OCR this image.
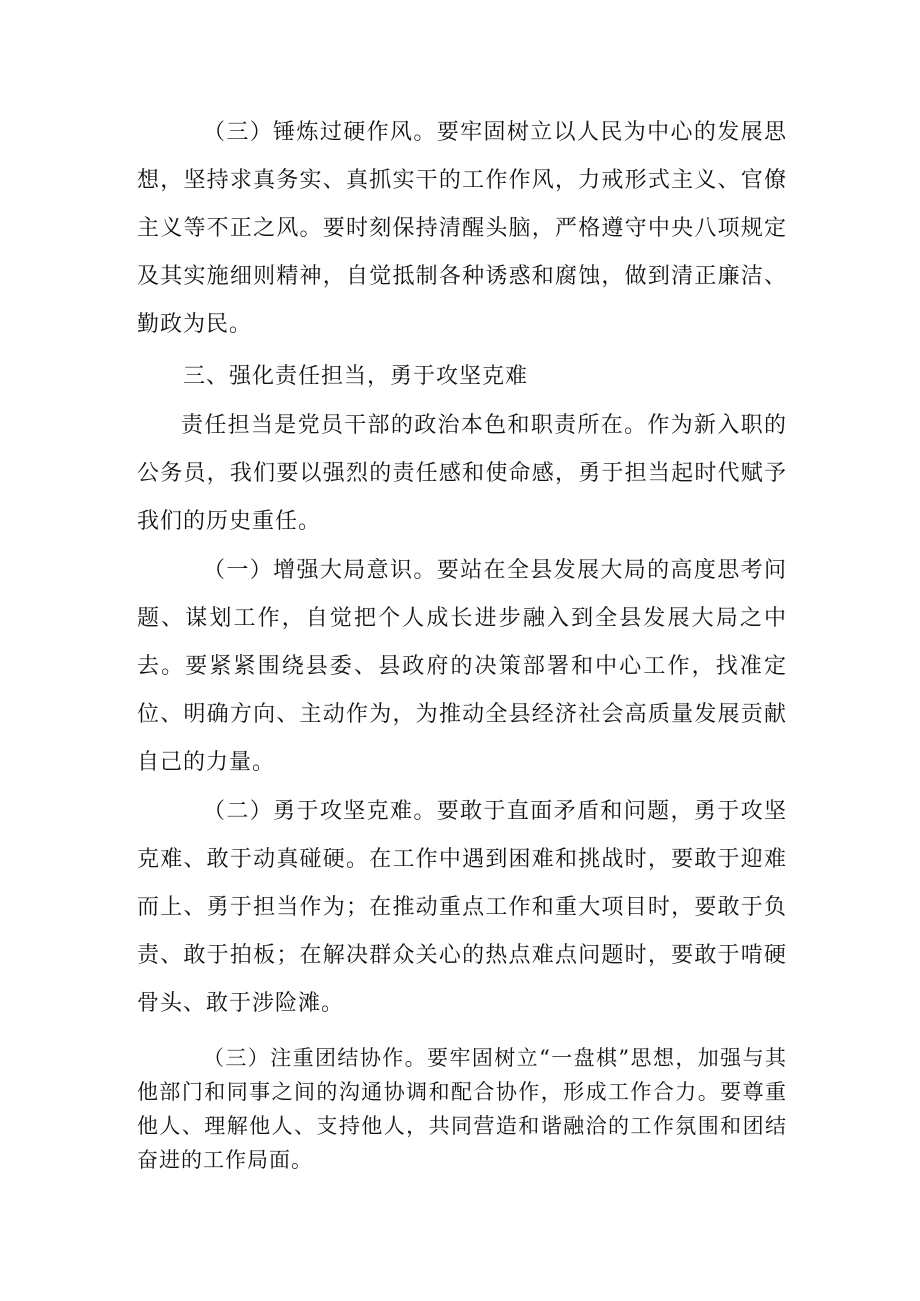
（三）锤炼过硬作风。要牢固树立以人民为中心的发展思想，坚持求真务实、真抓实干的工作作风，力戒形式主义、官僚主义等不正之风。要时刻保持清醒头脑，严格遵守中央八项规定及其实施细则精神，自觉抵制各种诱惑和腐蚀，做到清正廉洁、勤政为民。

三、强化责任担当，勇于攻坚克难

责任担当是党员干部的政治本色和职责所在。作为新入职的公务员，我们要以强烈的责任感和使命感，勇于担当起时代赋予我们的历史重任。

（一）增强大局意识。要站在全县发展大局的高度思考问题、谋划工作，自觉把个人成长进步融入到全县发展大局之中去。要紧紧围绕县委、县政府的决策部署和中心工作，找准定位、明确方向、主动作为，为推动全县经济社会高质量发展贡献自己的力量。

（二）勇于攻坚克难。要敢于直面矛盾和问题，勇于攻坚克难、敢于动真碰硬。在工作中遇到困难和挑战时，要敢于迎难而上、勇于担当作为；在推动重点工作和重大项目时，要敢于负责、敢于拍板；在解决群众关心的热点难点问题时，要敢于啃硬骨头、敢于涉险滩。

（三）注重团结协作。要牢固树立“一盘棋”思想，加强与其他部门和同事之间的沟通协调和配合协作，形成工作合力。要尊重他人、理解他人、支持他人，共同营造和谐融洽的工作氛围和团结奋进的工作局面。
